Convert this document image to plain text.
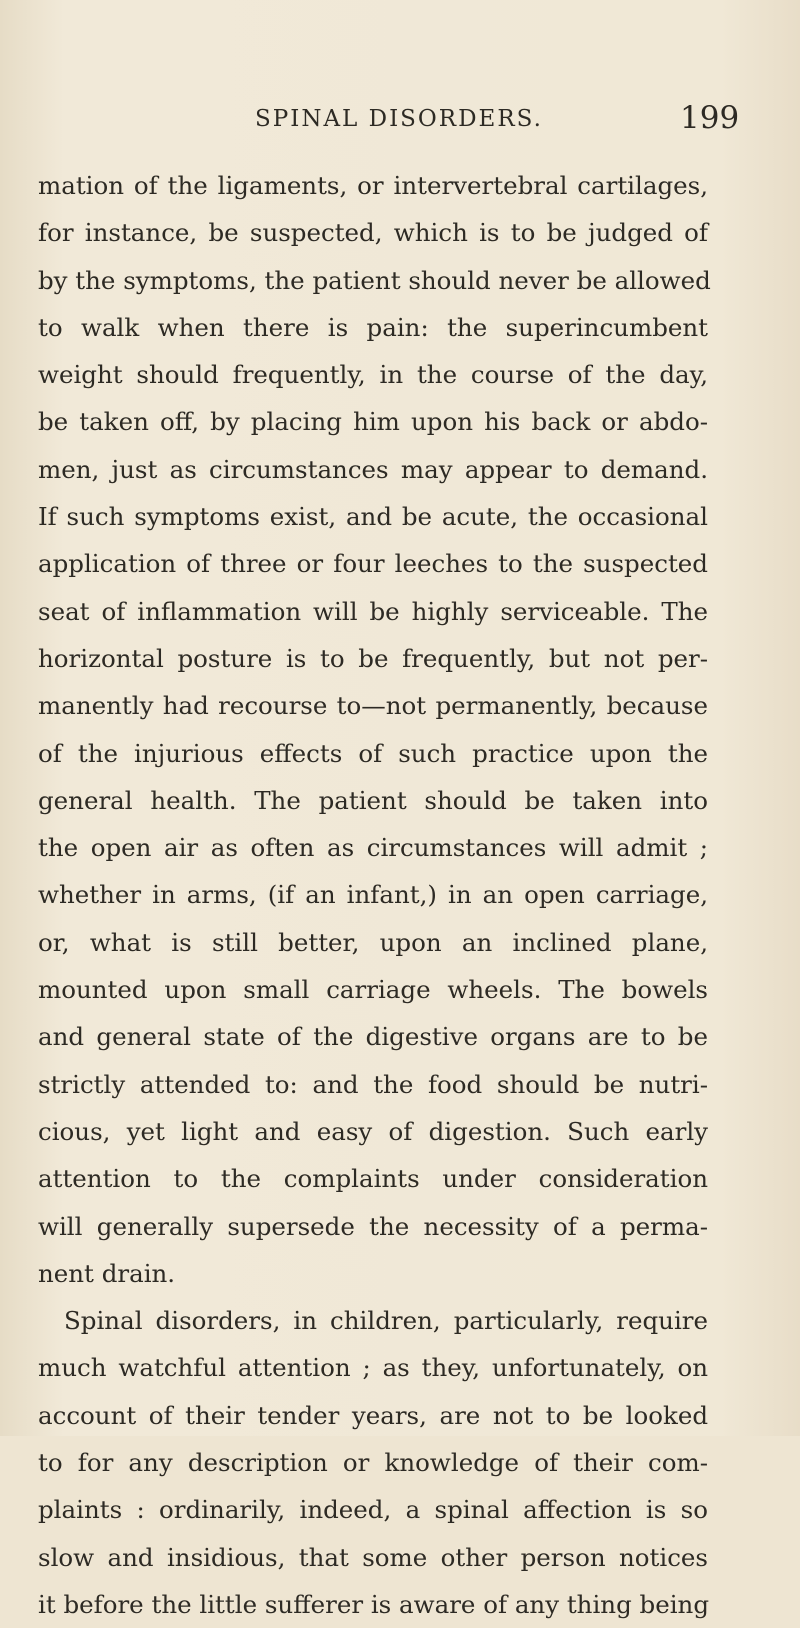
SPINAL DISORDERS.	199
mation of the ligaments, or intervertebral cartilages,
for instance, be suspected, which is to be judged of
by the symptoms, the patient should never be allowed
to walk when there is pain: the superincumbent
weight should frequently, in the course of the day,
be taken off, by placing him upon his back or abdo-
men, just as circumstances may appear to demand.
If such symptoms exist, and be acute, the occasional
application of three or four leeches to the suspected
seat of inflammation will be highly serviceable. The
horizontal posture is to be frequently, but not per-
manently had recourse to—not permanently, because
of the injurious effects of such practice upon the
general health. The patient should be taken into
the open air as often as circumstances will admit ;
whether in arms, (if an infant,) in an open carriage,
or, what is still better, upon an inclined plane,
mounted upon small carriage wheels. The bowels
and general state of the digestive organs are to be
strictly attended to: and the food should be nutri-
cious, yet light and easy of digestion. Such early
attention to the complaints under consideration
will generally supersede the necessity of a perma-
nent drain.
Spinal disorders, in children, particularly, require
much watchful attention ; as they, unfortunately, on
account of their tender years, are not to be looked
to for any description or knowledge of their com-
plaints : ordinarily, indeed, a spinal affection is so
slow and insidious, that some other person notices
it before the little sufferer is aware of any thing being
